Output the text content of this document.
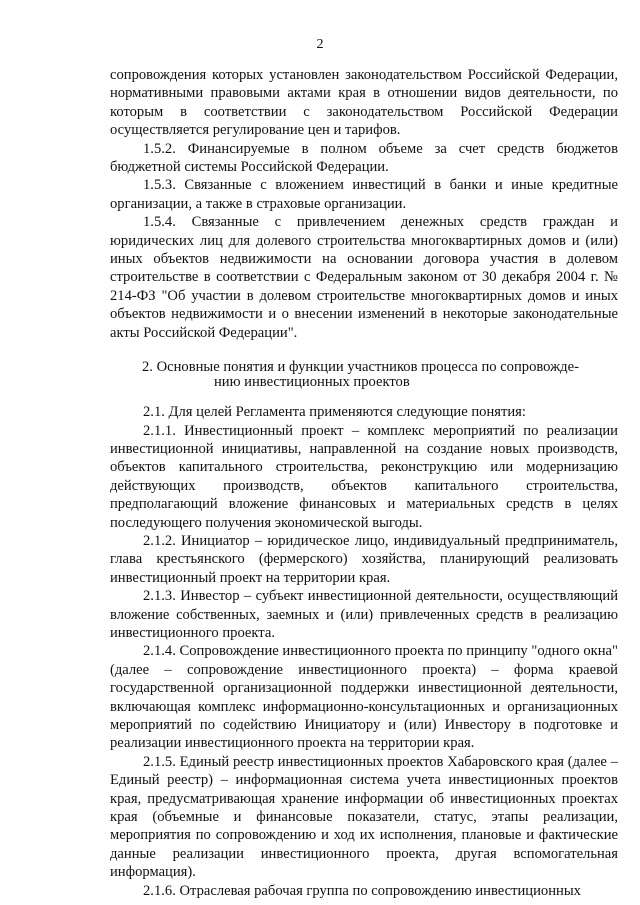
2

сопровождения которых установлен законодательством Российской Федерации, нормативными правовыми актами края в отношении видов деятельности, по которым в соответствии с законодательством Российской Федерации осуществляется регулирование цен и тарифов.

1.5.2. Финансируемые в полном объеме за счет средств бюджетов бюджетной системы Российской Федерации.

1.5.3. Связанные с вложением инвестиций в банки и иные кредитные организации, а также в страховые организации.

1.5.4. Связанные с привлечением денежных средств граждан и юридических лиц для долевого строительства многоквартирных домов и (или) иных объектов недвижимости на основании договора участия в долевом строительстве в соответствии с Федеральным законом от 30 декабря 2004 г. № 214-ФЗ "Об участии в долевом строительстве многоквартирных домов и иных объектов недвижимости и о внесении изменений в некоторые законодательные акты Российской Федерации".

2. Основные понятия и функции участников процесса по сопровожде-
нию инвестиционных проектов

2.1. Для целей Регламента применяются следующие понятия:

2.1.1. Инвестиционный проект – комплекс мероприятий по реализации инвестиционной инициативы, направленной на создание новых производств, объектов капитального строительства, реконструкцию или модернизацию действующих производств, объектов капитального строительства, предполагающий вложение финансовых и материальных средств в целях последующего получения экономической выгоды.

2.1.2. Инициатор – юридическое лицо, индивидуальный предприниматель, глава крестьянского (фермерского) хозяйства, планирующий реализовать инвестиционный проект на территории края.

2.1.3. Инвестор – субъект инвестиционной деятельности, осуществляющий вложение собственных, заемных и (или) привлеченных средств в реализацию инвестиционного проекта.

2.1.4. Сопровождение инвестиционного проекта по принципу "одного окна" (далее – сопровождение инвестиционного проекта) – форма краевой государственной организационной поддержки инвестиционной деятельности, включающая комплекс информационно-консультационных и организационных мероприятий по содействию Инициатору и (или) Инвестору в подготовке и реализации инвестиционного проекта на территории края.

2.1.5. Единый реестр инвестиционных проектов Хабаровского края (далее – Единый реестр) – информационная система учета инвестиционных проектов края, предусматривающая хранение информации об инвестиционных проектах края (объемные и финансовые показатели, статус, этапы реализации, мероприятия по сопровождению и ход их исполнения, плановые и фактические данные реализации инвестиционного проекта, другая вспомогательная информация).

2.1.6. Отраслевая рабочая группа по сопровождению инвестиционных
